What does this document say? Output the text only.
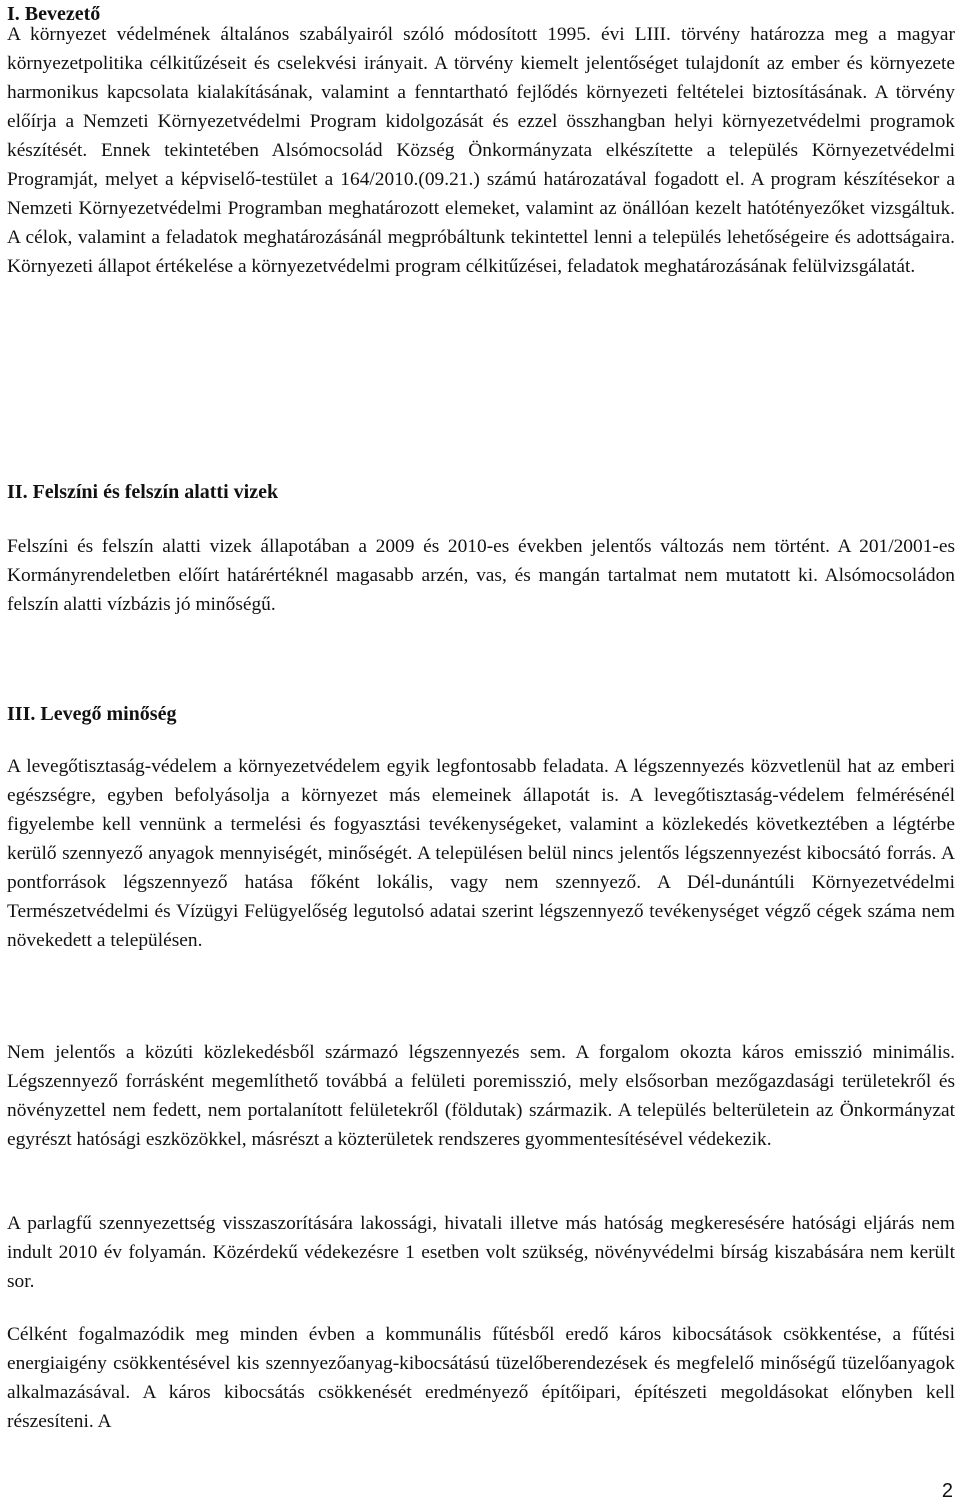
I. Bevezető

A környezet védelmének általános szabályairól szóló módosított 1995. évi LIII. törvény határozza meg a magyar környezetpolitika célkitűzéseit és cselekvési irányait. A törvény kiemelt jelentőséget tulajdonít az ember és környezete harmonikus kapcsolata kialakításának, valamint a fenntartható fejlődés környezeti feltételei biztosításának. A törvény előírja a Nemzeti Környezetvédelmi Program kidolgozását és ezzel összhangban helyi környezetvédelmi programok készítését. Ennek tekintetében Alsómocsolád Község Önkormányzata elkészítette a település Környezetvédelmi Programját, melyet a képviselő-testület a 164/2010.(09.21.) számú határozatával fogadott el. A program készítésekor a Nemzeti Környezetvédelmi Programban meghatározott elemeket, valamint az önállóan kezelt hatótényezőket vizsgáltuk. A célok, valamint a feladatok meghatározásánál megpróbáltunk tekintettel lenni a település lehetőségeire és adottságaira. Környezeti állapot értékelése a környezetvédelmi program célkitűzései, feladatok meghatározásának felülvizsgálatát.

II. Felszíni és felszín alatti vizek

Felszíni és felszín alatti vizek állapotában a 2009 és 2010-es években jelentős változás nem történt. A 201/2001-es Kormányrendeletben előírt határértéknél magasabb arzén, vas, és mangán tartalmat nem mutatott ki. Alsómocsoládon felszín alatti vízbázis jó minőségű.

III. Levegő minőség

A levegőtisztaság-védelem a környezetvédelem egyik legfontosabb feladata. A légszennyezés közvetlenül hat az emberi egészségre, egyben befolyásolja a környezet más elemeinek állapotát is. A levegőtisztaság-védelem felmérésénél figyelembe kell vennünk a termelési és fogyasztási tevékenységeket, valamint a közlekedés következtében a légtérbe kerülő szennyező anyagok mennyiségét, minőségét. A településen belül nincs jelentős légszennyezést kibocsátó forrás. A pontforrások légszennyező hatása főként lokális, vagy nem szennyező. A Dél-dunántúli Környezetvédelmi Természetvédelmi és Vízügyi Felügyelőség legutolsó adatai szerint légszennyező tevékenységet végző cégek száma nem növekedett a településen.

Nem jelentős a közúti közlekedésből származó légszennyezés sem. A forgalom okozta káros emisszió minimális. Légszennyező forrásként megemlíthető továbbá a felületi poremisszió, mely elsősorban mezőgazdasági területekről és növényzettel nem fedett, nem portalanított felületekről (földutak) származik. A település belterületein az Önkormányzat egyrészt hatósági eszközökkel, másrészt a közterületek rendszeres gyommentesítésével védekezik.

A parlagfű szennyezettség visszaszorítására lakossági, hivatali illetve más hatóság megkeresésére hatósági eljárás nem indult 2010 év folyamán. Közérdekű védekezésre 1 esetben volt szükség, növényvédelmi bírság kiszabására nem került sor.

Célként fogalmazódik meg minden évben a kommunális fűtésből eredő káros kibocsátások csökkentése, a fűtési energiaigény csökkentésével kis szennyezőanyag-kibocsátású tüzelőberendezések és megfelelő minőségű tüzelőanyagok alkalmazásával. A káros kibocsátás csökkenését eredményező építőipari, építészeti megoldásokat előnyben kell részesíteni. A

2
